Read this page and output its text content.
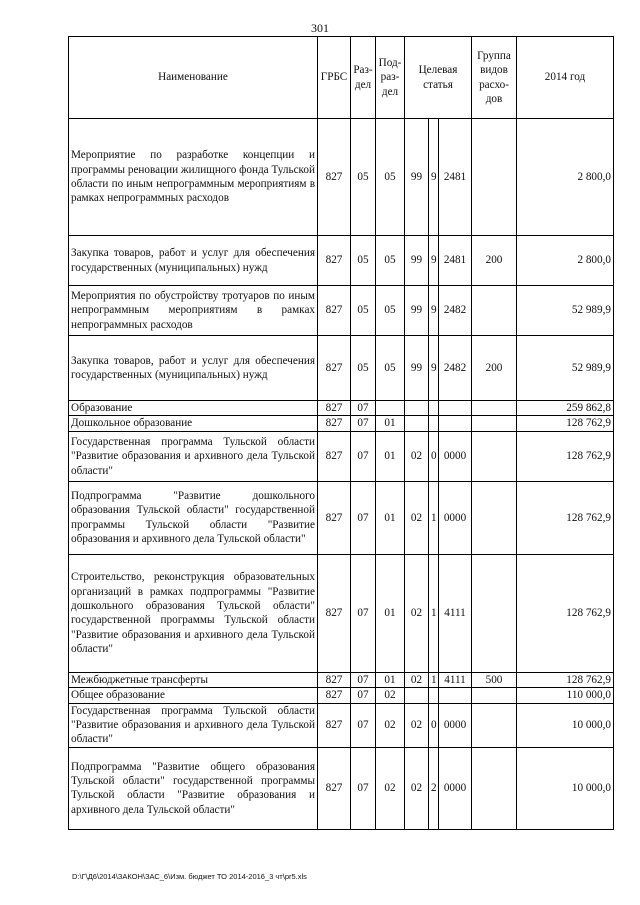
301
Наименование	ГРБС	Раз-дел	Под-раз-дел	Целевая статья			Группа видов расхо-дов	2014 год
Мероприятие по разработке концепции и программы реновации жилищного фонда Тульской области по иным непрограммным мероприятиям в рамках непрограммных расходов	827	05	05	99	9	2481		2 800,0
Закупка товаров, работ и услуг для обеспечения государственных (муниципальных) нужд	827	05	05	99	9	2481	200	2 800,0
Мероприятия по обустройству тротуаров по иным непрограммным мероприятиям в рамках непрограммных расходов	827	05	05	99	9	2482		52 989,9
Закупка товаров, работ и услуг для обеспечения государственных (муниципальных) нужд	827	05	05	99	9	2482	200	52 989,9
Образование	827	07						259 862,8
Дошкольное образование	827	07	01					128 762,9
Государственная программа Тульской области "Развитие образования и архивного дела Тульской области"	827	07	01	02	0	0000		128 762,9
Подпрограмма "Развитие дошкольного образования Тульской области" государственной программы Тульской области "Развитие образования и архивного дела Тульской области"	827	07	01	02	1	0000		128 762,9
Строительство, реконструкция образовательных организаций в рамках подпрограммы "Развитие дошкольного образования Тульской области" государственной программы Тульской области "Развитие образования и архивного дела Тульской области"	827	07	01	02	1	4111		128 762,9
Межбюджетные трансферты	827	07	01	02	1	4111	500	128 762,9
Общее образование	827	07	02					110 000,0
Государственная программа Тульской области "Развитие образования и архивного дела Тульской области"	827	07	02	02	0	0000		10 000,0
Подпрограмма "Развитие общего образования Тульской области" государственной программы Тульской области "Развитие образования и архивного дела Тульской области"	827	07	02	02	2	0000		10 000,0
D:\Г\Д6\2014\ЗАКОН\ЗАС_6\Изм. бюджет ТО 2014-2016_3 чт\pr5.xls
